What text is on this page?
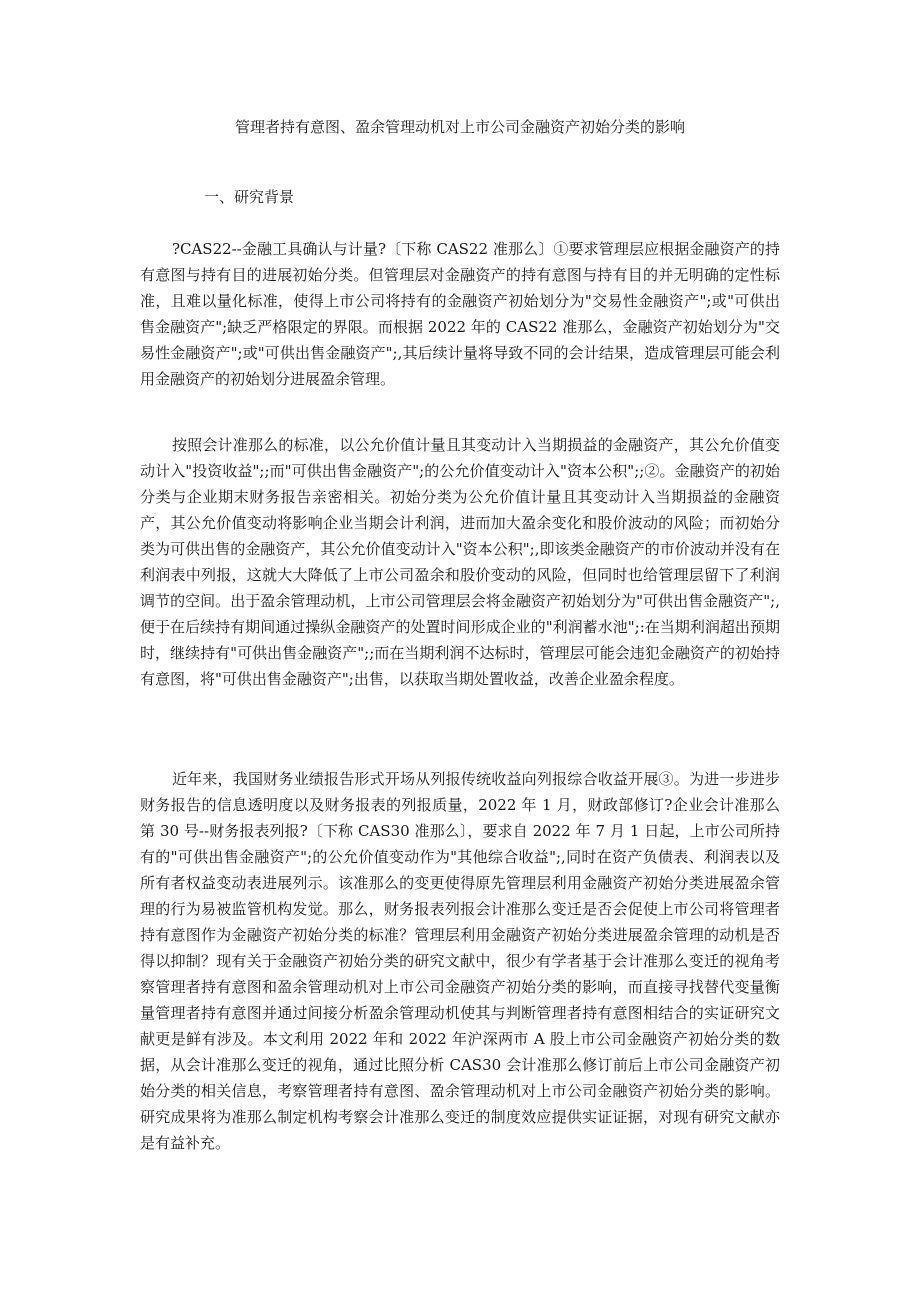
管理者持有意图、盈余管理动机对上市公司金融资产初始分类的影响
一、研究背景

?CAS22--金融工具确认与计量?〔下称 CAS22 准那么〕①要求管理层应根据金融资产的持有意图与持有目的进展初始分类。但管理层对金融资产的持有意图与持有目的并无明确的定性标准，且难以量化标准，使得上市公司将持有的金融资产初始划分为"交易性金融资产";或"可供出售金融资产";缺乏严格限定的界限。而根据 2022 年的 CAS22 准那么，金融资产初始划分为"交易性金融资产";或"可供出售金融资产";,其后续计量将导致不同的会计结果，造成管理层可能会利用金融资产的初始划分进展盈余管理。

按照会计准那么的标准，以公允价值计量且其变动计入当期损益的金融资产，其公允价值变动计入"投资收益";;而"可供出售金融资产";的公允价值变动计入"资本公积";;②。金融资产的初始分类与企业期末财务报告亲密相关。初始分类为公允价值计量且其变动计入当期损益的金融资产，其公允价值变动将影响企业当期会计利润，进而加大盈余变化和股价波动的风险；而初始分类为可供出售的金融资产，其公允价值变动计入"资本公积";,即该类金融资产的市价波动并没有在利润表中列报，这就大大降低了上市公司盈余和股价变动的风险，但同时也给管理层留下了利润调节的空间。出于盈余管理动机，上市公司管理层会将金融资产初始划分为"可供出售金融资产";,便于在后续持有期间通过操纵金融资产的处置时间形成企业的"利润蓄水池";:在当期利润超出预期时，继续持有"可供出售金融资产";;而在当期利润不达标时，管理层可能会违犯金融资产的初始持有意图，将"可供出售金融资产";出售，以获取当期处置收益，改善企业盈余程度。

近年来，我国财务业绩报告形式开场从列报传统收益向列报综合收益开展③。为进一步进步财务报告的信息透明度以及财务报表的列报质量，2022 年 1 月，财政部修订?企业会计准那么第 30 号--财务报表列报?〔下称 CAS30 准那么〕，要求自 2022 年 7 月 1 日起，上市公司所持有的"可供出售金融资产";的公允价值变动作为"其他综合收益";,同时在资产负债表、利润表以及所有者权益变动表进展列示。该准那么的变更使得原先管理层利用金融资产初始分类进展盈余管理的行为易被监管机构发觉。那么，财务报表列报会计准那么变迁是否会促使上市公司将管理者持有意图作为金融资产初始分类的标准？管理层利用金融资产初始分类进展盈余管理的动机是否得以抑制？现有关于金融资产初始分类的研究文献中，很少有学者基于会计准那么变迁的视角考察管理者持有意图和盈余管理动机对上市公司金融资产初始分类的影响，而直接寻找替代变量衡量管理者持有意图并通过间接分析盈余管理动机使其与判断管理者持有意图相结合的实证研究文献更是鲜有涉及。本文利用 2022 年和 2022 年沪深两市 A 股上市公司金融资产初始分类的数据，从会计准那么变迁的视角，通过比照分析 CAS30 会计准那么修订前后上市公司金融资产初始分类的相关信息，考察管理者持有意图、盈余管理动机对上市公司金融资产初始分类的影响。研究成果将为准那么制定机构考察会计准那么变迁的制度效应提供实证证据，对现有研究文献亦是有益补充。
